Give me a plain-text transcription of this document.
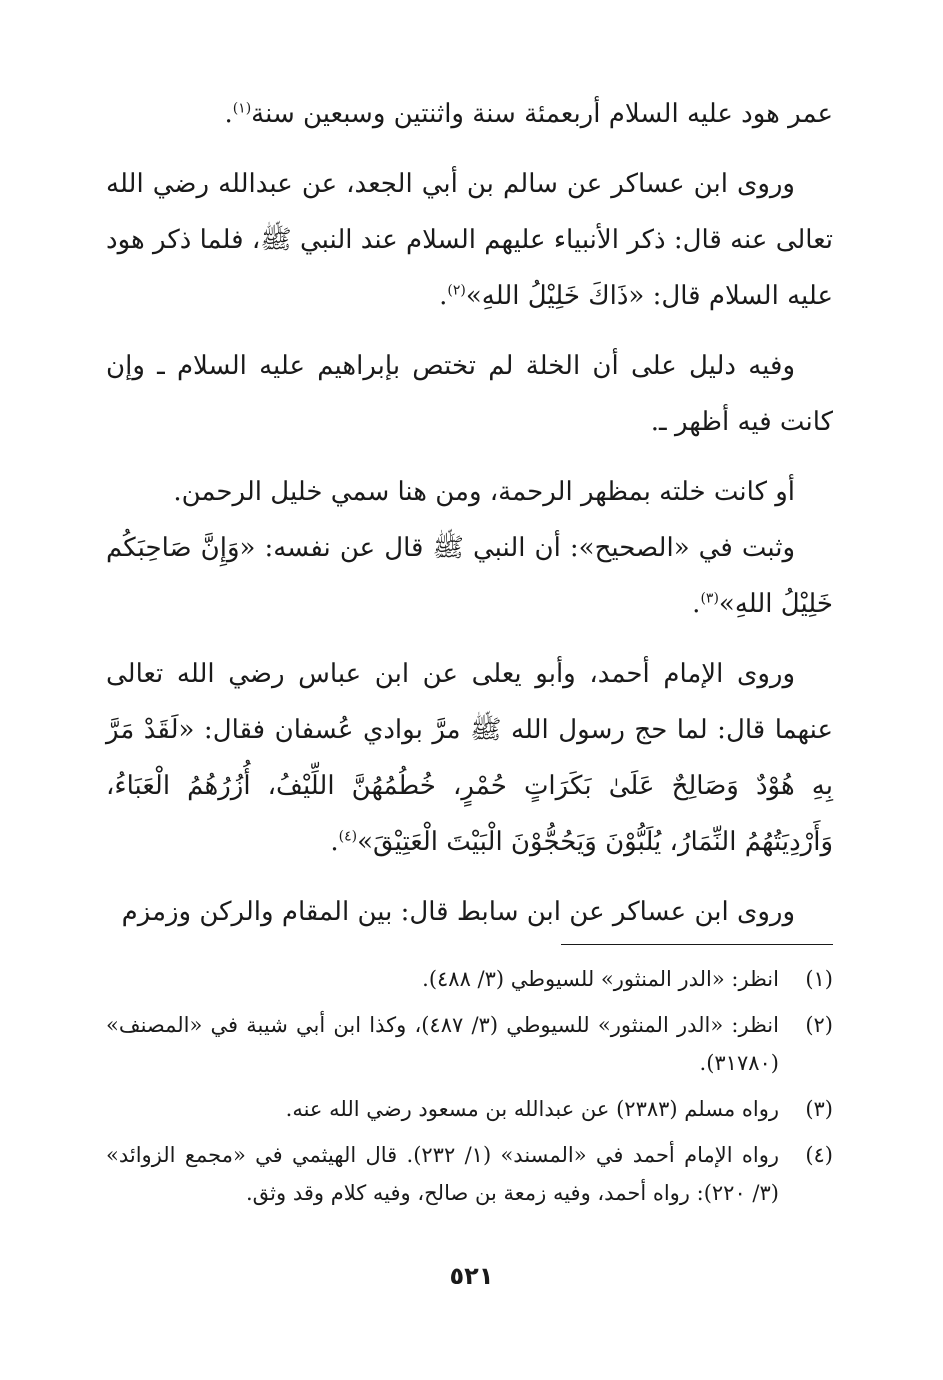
عمر هود عليه السلام أربعمئة سنة واثنتين وسبعين سنة$^{(١)}$.

وروى ابن عساكر عن سالم بن أبي الجعد، عن عبدالله رضي الله تعالى عنه قال: ذكر الأنبياء عليهم السلام عند النبي ﷺ، فلما ذكر هود عليه السلام قال: «ذَاكَ خَلِيْلُ اللهِ»$^{(٢)}$.

وفيه دليل على أن الخلة لم تختص بإبراهيم عليه السلام ـ وإن كانت فيه أظهر ـ.

أو كانت خلته بمظهر الرحمة، ومن هنا سمي خليل الرحمن.

وثبت في «الصحيح»: أن النبي ﷺ قال عن نفسه: «وَإِنَّ صَاحِبَكُم خَلِيْلُ اللهِ»$^{(٣)}$.

وروى الإمام أحمد، وأبو يعلى عن ابن عباس رضي الله تعالى عنهما قال: لما حج رسول الله ﷺ مرَّ بوادي عُسفان فقال: «لَقَدْ مَرَّ بِهِ هُوْدٌ وَصَالِحٌ عَلَىٰ بَكَرَاتٍ حُمْرٍ، خُطُمُهُنَّ اللِّيْفُ، أُزُرُهُمُ الْعَبَاءُ، وَأَرْدِيَتُهُمُ النِّمَارُ، يُلَبُّوْنَ وَيَحُجُّوْنَ الْبَيْتَ الْعَتِيْقَ»$^{(٤)}$.

وروى ابن عساكر عن ابن سابط قال: بين المقام والركن وزمزم

(١)
انظر: «الدر المنثور» للسيوطي (٣/ ٤٨٨).
(٢)
انظر: «الدر المنثور» للسيوطي (٣/ ٤٨٧)، وكذا ابن أبي شيبة في «المصنف» (٣١٧٨٠).
(٣)
رواه مسلم (٢٣٨٣) عن عبدالله بن مسعود رضي الله عنه.
(٤)
رواه الإمام أحمد في «المسند» (١/ ٢٣٢). قال الهيثمي في «مجمع الزوائد» (٣/ ٢٢٠): رواه أحمد، وفيه زمعة بن صالح، وفيه كلام وقد وثق.
٥٢١
